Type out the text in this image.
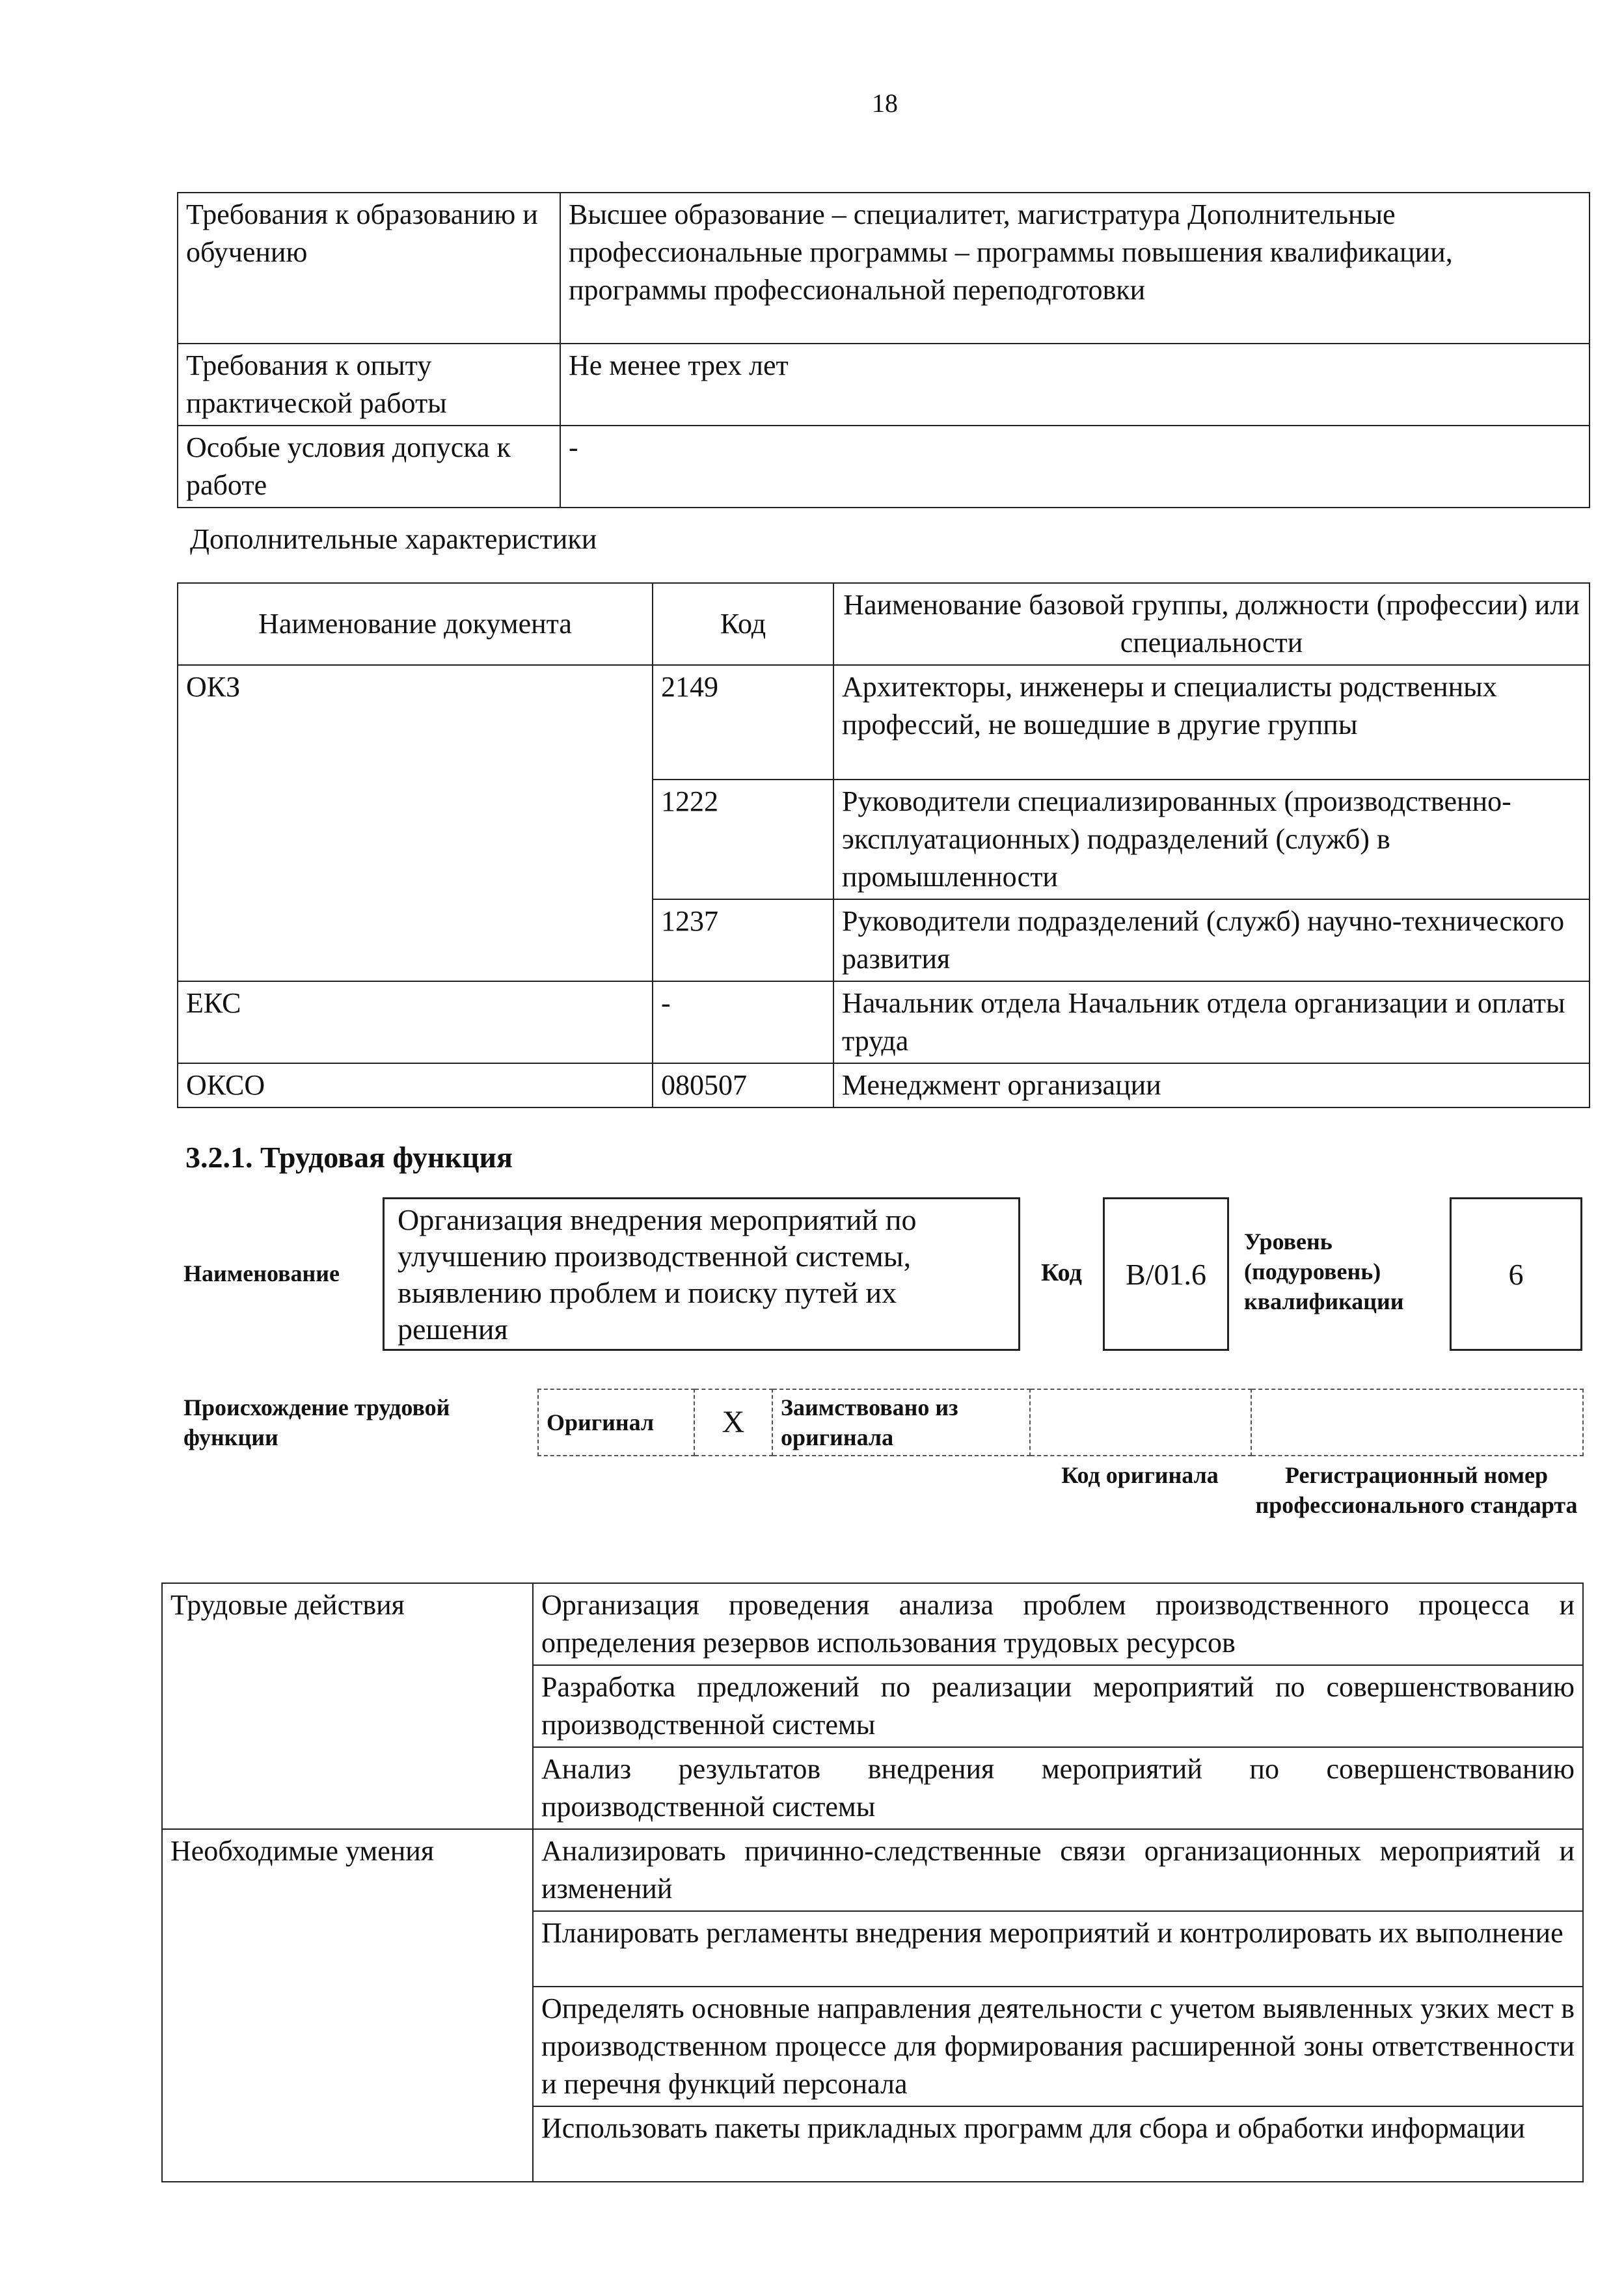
18
Требования к образованию и обучению	Высшее образование – специалитет, магистратура Дополнительные профессиональные программы – программы повышения квалификации, программы профессиональной переподготовки
Требования к опыту практической работы	Не менее трех лет
Особые условия допуска к работе	-
Дополнительные характеристики
Наименование документа	Код	Наименование базовой группы, должности (профессии) или специальности
ОКЗ	2149	Архитекторы, инженеры и специалисты родственных профессий, не вошедшие в другие группы
	1222	Руководители специализированных (производственно-эксплуатационных) подразделений (служб) в промышленности
	1237	Руководители подразделений (служб) научно-технического развития
ЕКС	-	Начальник отдела Начальник отдела организации и оплаты труда
ОКСО	080507	Менеджмент организации
3.2.1. Трудовая функция
Наименование
Организация внедрения мероприятий по улучшению производственной системы, выявлению проблем и поиску путей их решения
Код B/01.6
Уровень (подуровень) квалификации
6
Происхождение трудовой функции
Оригинал	X	Заимствовано из оригинала		
Код оригинала	Регистрационный номер профессионального стандарта
Трудовые действия	Организация проведения анализа проблем производственного процесса и определения резервов использования трудовых ресурсов
	Разработка предложений по реализации мероприятий по совершенствованию производственной системы
	Анализ результатов внедрения мероприятий по совершенствованию производственной системы
Необходимые умения	Анализировать причинно-следственные связи организационных мероприятий и изменений
	Планировать регламенты внедрения мероприятий и контролировать их выполнение
	Определять основные направления деятельности с учетом выявленных узких мест в производственном процессе для формирования расширенной зоны ответственности и перечня функций персонала
	Использовать пакеты прикладных программ для сбора и обработки информации
